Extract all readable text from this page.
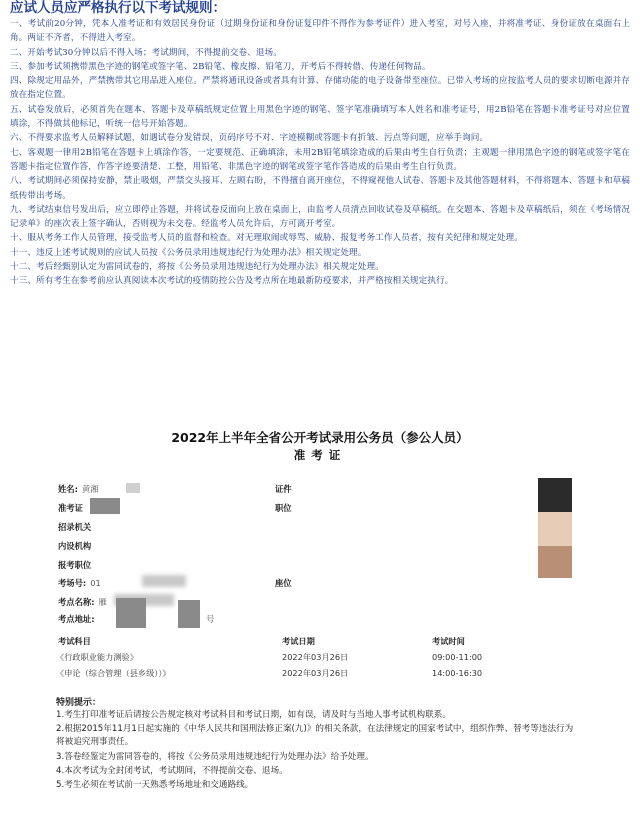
应试人员应严格执行以下考试规则：

一、考试前20分钟，凭本人准考证和有效居民身份证（过期身份证和身份证复印件不得作为参考证件）进入考室，对号入座，并将准考证、身份证放在桌面右上角。两证不齐者，不得进入考室。

二、开始考试30分钟以后不得入场；考试期间，不得提前交卷、退场。

三、参加考试须携带黑色字迹的钢笔或签字笔、2B铅笔、橡皮擦、铅笔刀，开考后不得转借、传递任何物品。

四、除规定用品外，严禁携带其它用品进入座位。严禁将通讯设备或者具有计算、存储功能的电子设备带至座位。已带入考场的应按监考人员的要求切断电源并存放在指定位置。

五、试卷发放后，必须首先在题本、答题卡及草稿纸规定位置上用黑色字迹的钢笔、签字笔准确填写本人姓名和准考证号，用2B铅笔在答题卡准考证号对应位置填涂，不得做其他标记，听统一信号开始答题。

六、不得要求监考人员解释试题，如遇试卷分发错误，页码序号不对、字迹模糊或答题卡有折皱、污点等问题，应举手询问。

七、客观题一律用2B铅笔在答题卡上填涂作答，一定要规范、正确填涂，未用2B铅笔填涂造成的后果由考生自行负责；主观题一律用黑色字迹的钢笔或签字笔在答题卡指定位置作答，作答字迹要清楚、工整，用铅笔、非黑色字迹的钢笔或签字笔作答造成的后果由考生自行负责。

八、考试期间必须保持安静，禁止吸烟，严禁交头接耳、左顾右盼，不得擅自离开座位，不得窥视他人试卷、答题卡及其他答题材料，不得将题本、答题卡和草稿纸传带出考场。

九、考试结束信号发出后，应立即停止答题，并将试卷反面向上放在桌面上，由监考人员清点回收试卷及草稿纸。在交题本、答题卡及草稿纸后，须在《考场情况记录单》的座次表上签字确认，否则视为未交卷。经监考人员允许后，方可离开考室。

十、服从考务工作人员管理，接受监考人员的监督和检查。对无理取闹或辱骂、威胁、报复考务工作人员者，按有关纪律和规定处理。

十一、违反上述考试规则的应试人员按《公务员录用违规违纪行为处理办法》相关规定处理。

十二、考后经甄别认定为雷同试卷的，将按《公务员录用违规违纪行为处理办法》相关规定处理。

十三、所有考生在参考前应认真阅读本次考试的疫情防控公告及考点所在地最新防疫要求，并严格按相关规定执行。

2022年上半年全省公开考试录用公务员（参公人员）
准考证
姓名: 黄湘
准考证
招录机关
内设机构
报考职位
考场号: 01
考点名称: 雁
考点地址:	号
证件
职位
座位
考试科目	考试日期	考试时间
《行政职业能力测验》	2022年03月26日	09:00-11:00
《申论（综合管理（县乡级））》	2022年03月26日	14:00-16:30
特别提示：
1.考生打印准考证后请按公告规定核对考试科目和考试日期，如有误，请及时与当地人事考试机构联系。
2.根据2015年11月1日起实施的《中华人民共和国刑法修正案(九)》的相关条款，在法律规定的国家考试中，组织作弊、替考等违法行为将被追究刑事责任。
3.答卷经鉴定为雷同答卷的，将按《公务员录用违规违纪行为处理办法》给予处理。
4.本次考试为全封闭考试，考试期间，不得提前交卷、退场。
5.考生必须在考试前一天熟悉考场地址和交通路线。
